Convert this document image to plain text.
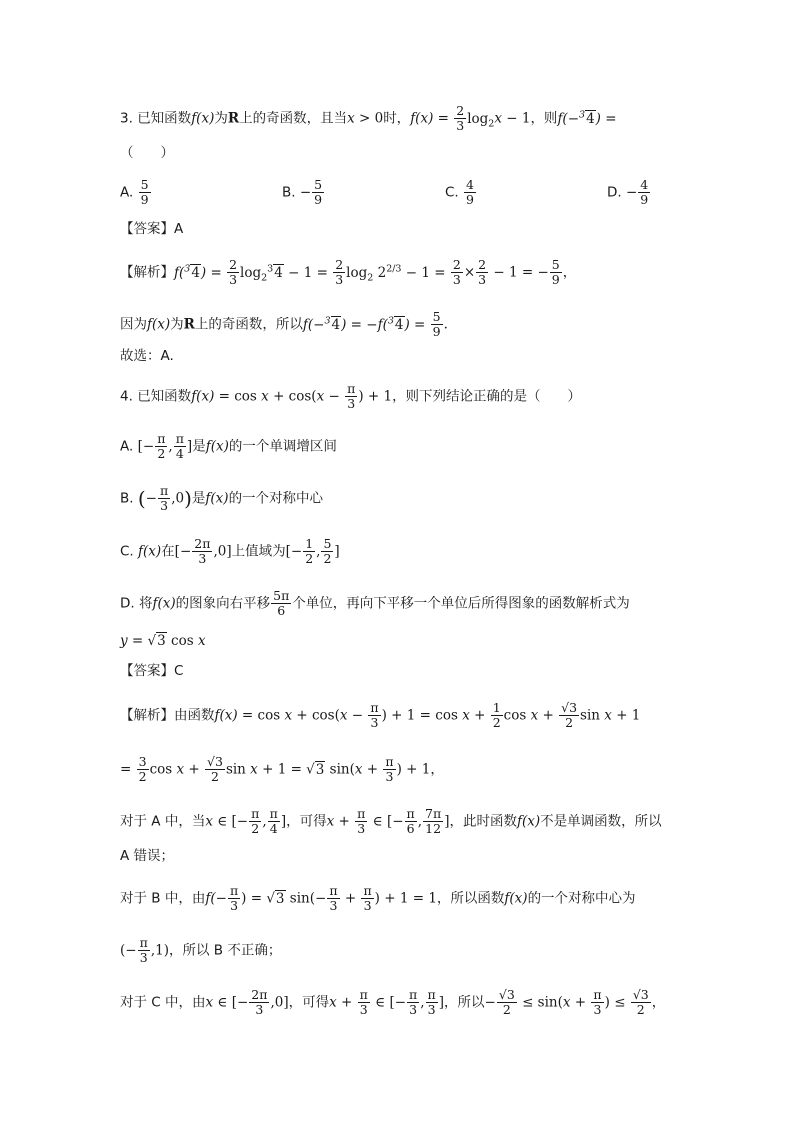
3. 已知函数f(x)为R上的奇函数，且当x > 0时，$f(x) = \frac{2}{3} \log_2x - 1$，则f(−$^3$4) =
（　　）
A. $\frac{5}{9}$	B. − $\frac{5}{9}$	C. $\frac{4}{9}$	D. − $\frac{4}{9}$
【答案】A
【解析】$f(^34) = \frac{2}{3} \log_2^34 - 1 = \frac{2}{3} \log_2 2^{2/3} - 1 = \frac{2}{3} \times \frac{2}{3} - 1$ = − $\frac{5}{9}$ ，
因为f(x)为R上的奇函数，所以$f(-^34) = -f(^34) = \frac{5}{9}$ .
故选：A.
4. 已知函数$f(x) = \cos x + \cos(x - \frac{\pi}{3}$ ) + 1，则下列结论正确的是（　　）
A. [− $\frac{\pi}{2}$ , $\frac{\pi}{4}$ ]是f(x)的一个单调增区间
B. (− $\frac{\pi}{3} ,0$)是f(x)的一个对称中心
C. f(x)在[− $\frac{2\pi}{3} ,0$]上值域为[− $\frac{1}{2}$ , $\frac{5}{2}$ ]
D. 将f(x)的图象向右平移 $\frac{5\pi}{6}$ 个单位，再向下平移一个单位后所得图象的函数解析式为
y = √3 cos x
【答案】C
【解析】由函数$f(x) = \cos x + \cos(x - \frac{\pi}{3}$ ) + $1 = \cos x + \frac{1}{2}$ $\cos x + \frac{√3}{2}$ sin x + 1
= $\frac{3}{2}$ $\cos x + \frac{√3}{2}$ sin x + 1 = √3 $\sin(x + \frac{\pi}{3}$ ) + 1，
对于 A 中，当x ∈ [− $\frac{\pi}{2}$ , $\frac{\pi}{4}$ ]，可得$x + \frac{\pi}{3}$ ∈ [− $\frac{\pi}{6}$ , $\frac{7\pi}{12}$ ]，此时函数f(x)不是单调函数，所以
A 错误；
对于 B 中，由$f(- \frac{\pi}{3}$ ) = √3 $\sin(- \frac{\pi}{3} + \frac{\pi}{3}$ ) + 1 = 1，所以函数f(x)的一个对称中心为
(− $\frac{\pi}{3} ,1$)，所以 B 不正确；
对于 C 中，由x ∈ [− $\frac{2\pi}{3} ,0$]，可得$x + \frac{\pi}{3}$ ∈ [− $\frac{\pi}{3}$ , $\frac{\pi}{3}$ ]，所以− $\frac{√3}{2} \le \sin(x + \frac{\pi}{3}$ ) ≤ $\frac{√3}{2}$ ，
